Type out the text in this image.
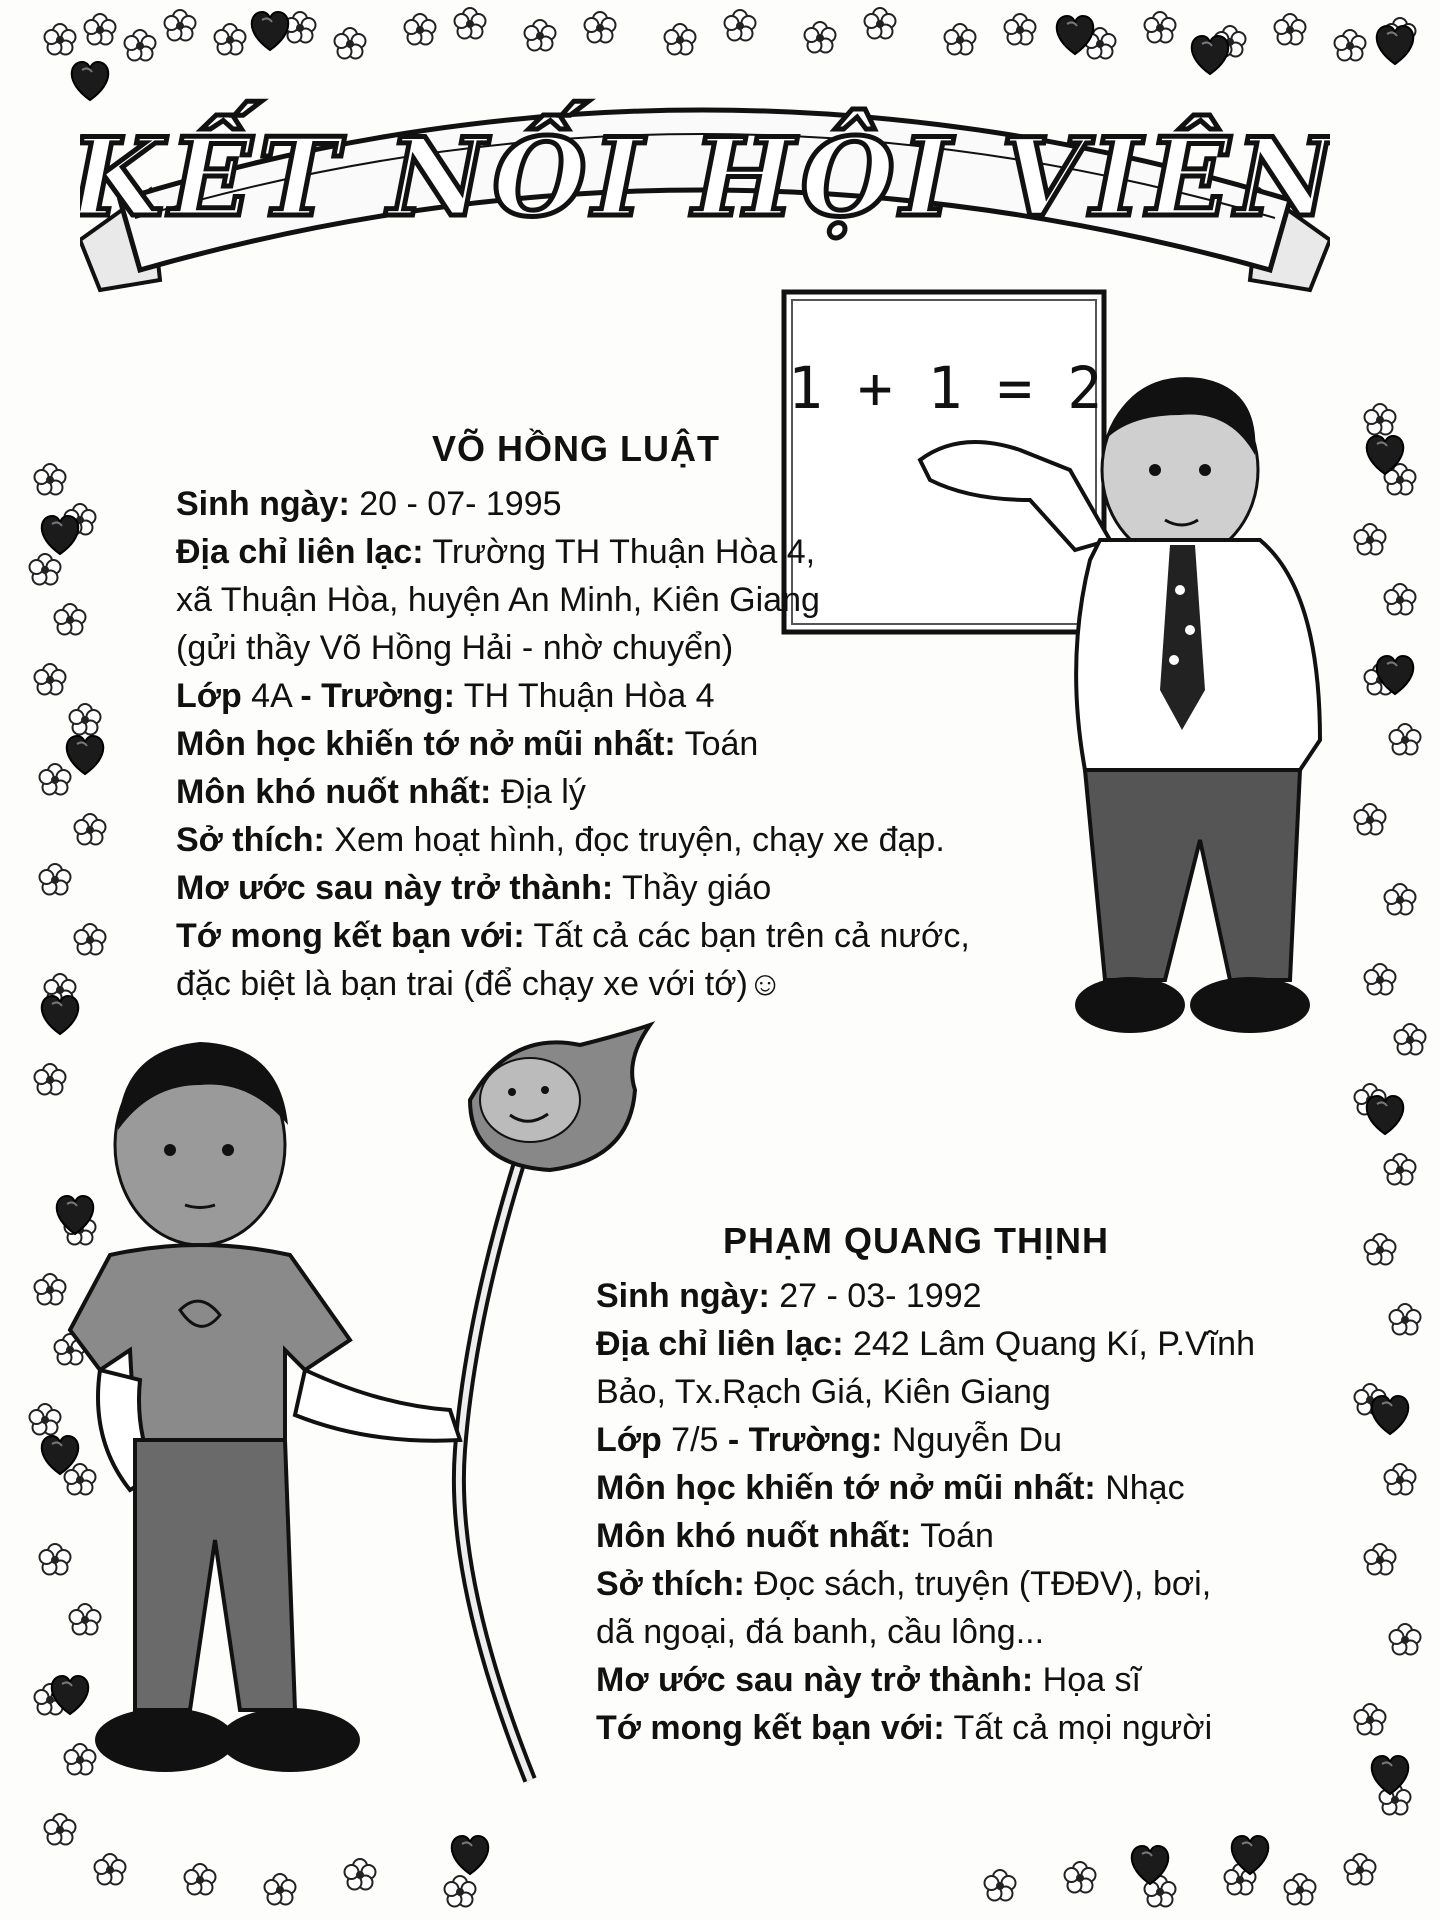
KẾT NỐI HỘI VIÊN
1 + 1 = 2
VÕ HỒNG LUẬT
Sinh ngày: 20 - 07- 1995
Địa chỉ liên lạc: Trường TH Thuận Hòa 4,
xã Thuận Hòa, huyện An Minh, Kiên Giang
(gửi thầy Võ Hồng Hải - nhờ chuyển)
Lớp 4A - Trường: TH Thuận Hòa 4
Môn học khiến tớ nở mũi nhất: Toán
Môn khó nuốt nhất: Địa lý
Sở thích: Xem hoạt hình, đọc truyện, chạy xe đạp.
Mơ ước sau này trở thành: Thầy giáo
Tớ mong kết bạn với: Tất cả các bạn trên cả nước,
đặc biệt là bạn trai (để chạy xe với tớ)☺
PHẠM QUANG THỊNH
Sinh ngày: 27 - 03- 1992
Địa chỉ liên lạc: 242 Lâm Quang Kí, P.Vĩnh
Bảo, Tx.Rạch Giá, Kiên Giang
Lớp 7/5 - Trường: Nguyễn Du
Môn học khiến tớ nở mũi nhất: Nhạc
Môn khó nuốt nhất: Toán
Sở thích: Đọc sách, truyện (TĐĐV), bơi,
dã ngoại, đá banh, cầu lông...
Mơ ước sau này trở thành: Họa sĩ
Tớ mong kết bạn với: Tất cả mọi người
